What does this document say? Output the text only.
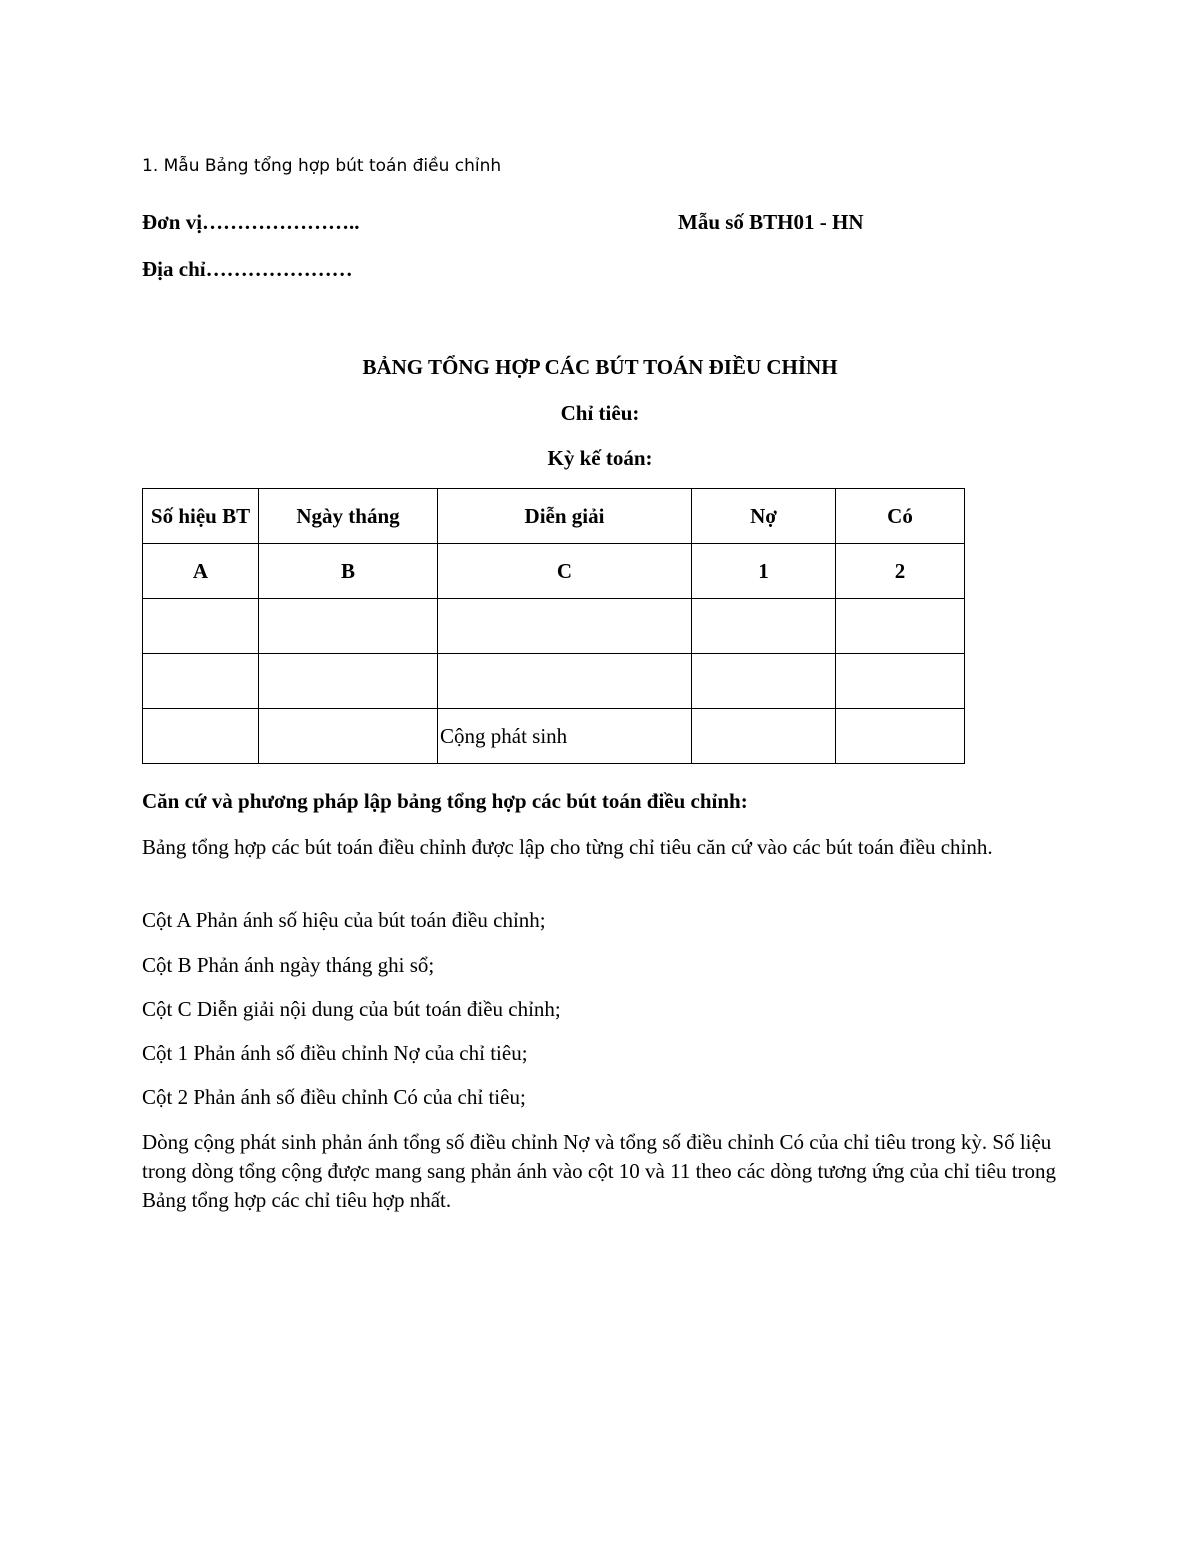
1. Mẫu Bảng tổng hợp bút toán điều chỉnh
Đơn vị…………………..	Mẫu số BTH01 - HN
Địa chỉ…………………
BẢNG TỔNG HỢP CÁC BÚT TOÁN ĐIỀU CHỈNH
Chỉ tiêu:
Kỳ kế toán:
Số hiệu BT	Ngày tháng	Diễn giải	Nợ	Có
A	B	C	1	2

		Cộng phát sinh		
Căn cứ và phương pháp lập bảng tổng hợp các bút toán điều chỉnh:
Bảng tổng hợp các bút toán điều chỉnh được lập cho từng chỉ tiêu căn cứ vào các bút toán điều chỉnh.
Cột A Phản ánh số hiệu của bút toán điều chỉnh;
Cột B Phản ánh ngày tháng ghi sổ;
Cột C Diễn giải nội dung của bút toán điều chỉnh;
Cột 1 Phản ánh số điều chỉnh Nợ của chỉ tiêu;
Cột 2 Phản ánh số điều chỉnh Có của chỉ tiêu;
Dòng cộng phát sinh phản ánh tổng số điều chỉnh Nợ và tổng số điều chỉnh Có của chỉ tiêu trong kỳ. Số liệu trong dòng tổng cộng được mang sang phản ánh vào cột 10 và 11 theo các dòng tương ứng của chỉ tiêu trong Bảng tổng hợp các chỉ tiêu hợp nhất.
